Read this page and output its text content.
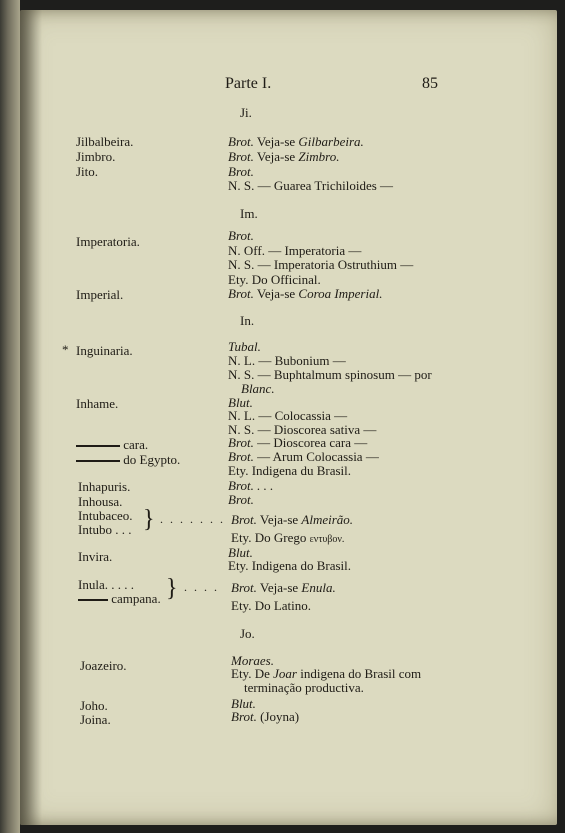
Parte I.	85
Ji.
Jilbalbeira.
Jimbro.
Jito.
Brot. Veja-se Gilbarbeira.
Brot. Veja-se Zimbro.
Brot.
N. S. — Guarea Trichiloides —
Im.
Imperatoria.
Imperial.
Brot.
N. Off. — Imperatoria —
N. S. — Imperatoria Ostruthium —
Ety. Do Officinal.
Brot. Veja-se Coroa Imperial.
In.
* Inguinaria.
Inhame.
cara.
do Egypto.
Inhapuris.
Inhousa.
Intubaceo.
Intubo . . . } . . . . . . .
Invira.
Inula. . . . .
campana. } . . . .
Tubal.
N. L. — Bubonium —
N. S. — Buphtalmum spinosum — por
Blanc.
Blut.
N. L. — Colocassia —
N. S. — Dioscorea sativa —
Brot. — Dioscorea cara —
Brot. — Arum Colocassia —
Ety. Indigena du Brasil.
Brot. . . .
Brot.
Brot. Veja-se Almeirão.
Ety. Do Grego εντυβον.
Blut.
Ety. Indigena do Brasil.
Brot. Veja-se Enula.
Ety. Do Latino.
Jo.
Joazeiro.
Joho.
Joina.
Moraes.
Ety. De Joar indigena do Brasil com
terminação productiva.
Blut.
Brot. (Joyna)
